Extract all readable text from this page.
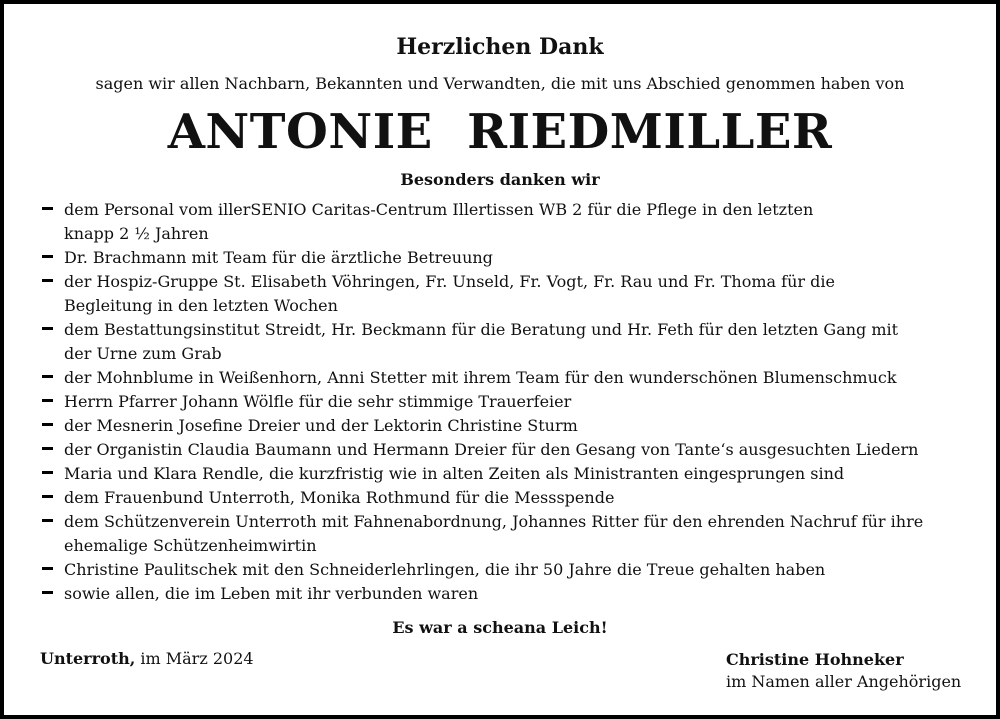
Herzlichen Dank
sagen wir allen Nachbarn, Bekannten und Verwandten, die mit uns Abschied genommen haben von
ANTONIE  RIEDMILLER
Besonders danken wir
dem Personal vom illerSENIO Caritas-Centrum Illertissen WB 2 für die Pflege in den letzten
knapp 2 ½ Jahren
Dr. Brachmann mit Team für die ärztliche Betreuung
der Hospiz-Gruppe St. Elisabeth Vöhringen, Fr. Unseld, Fr. Vogt, Fr. Rau und Fr. Thoma für die
Begleitung in den letzten Wochen
dem Bestattungsinstitut Streidt, Hr. Beckmann für die Beratung und Hr. Feth für den letzten Gang mit
der Urne zum Grab
der Mohnblume in Weißenhorn, Anni Stetter mit ihrem Team für den wunderschönen Blumenschmuck
Herrn Pfarrer Johann Wölfle für die sehr stimmige Trauerfeier
der Mesnerin Josefine Dreier und der Lektorin Christine Sturm
der Organistin Claudia Baumann und Hermann Dreier für den Gesang von Tante‘s ausgesuchten Liedern
Maria und Klara Rendle, die kurzfristig wie in alten Zeiten als Ministranten eingesprungen sind
dem Frauenbund Unterroth, Monika Rothmund für die Messspende
dem Schützenverein Unterroth mit Fahnenabordnung, Johannes Ritter für den ehrenden Nachruf für ihre
ehemalige Schützenheimwirtin
Christine Paulitschek mit den Schneiderlehrlingen, die ihr 50 Jahre die Treue gehalten haben
sowie allen, die im Leben mit ihr verbunden waren
Es war a scheana Leich!
Unterroth, im März 2024	Christine Hohneker
im Namen aller Angehörigen
